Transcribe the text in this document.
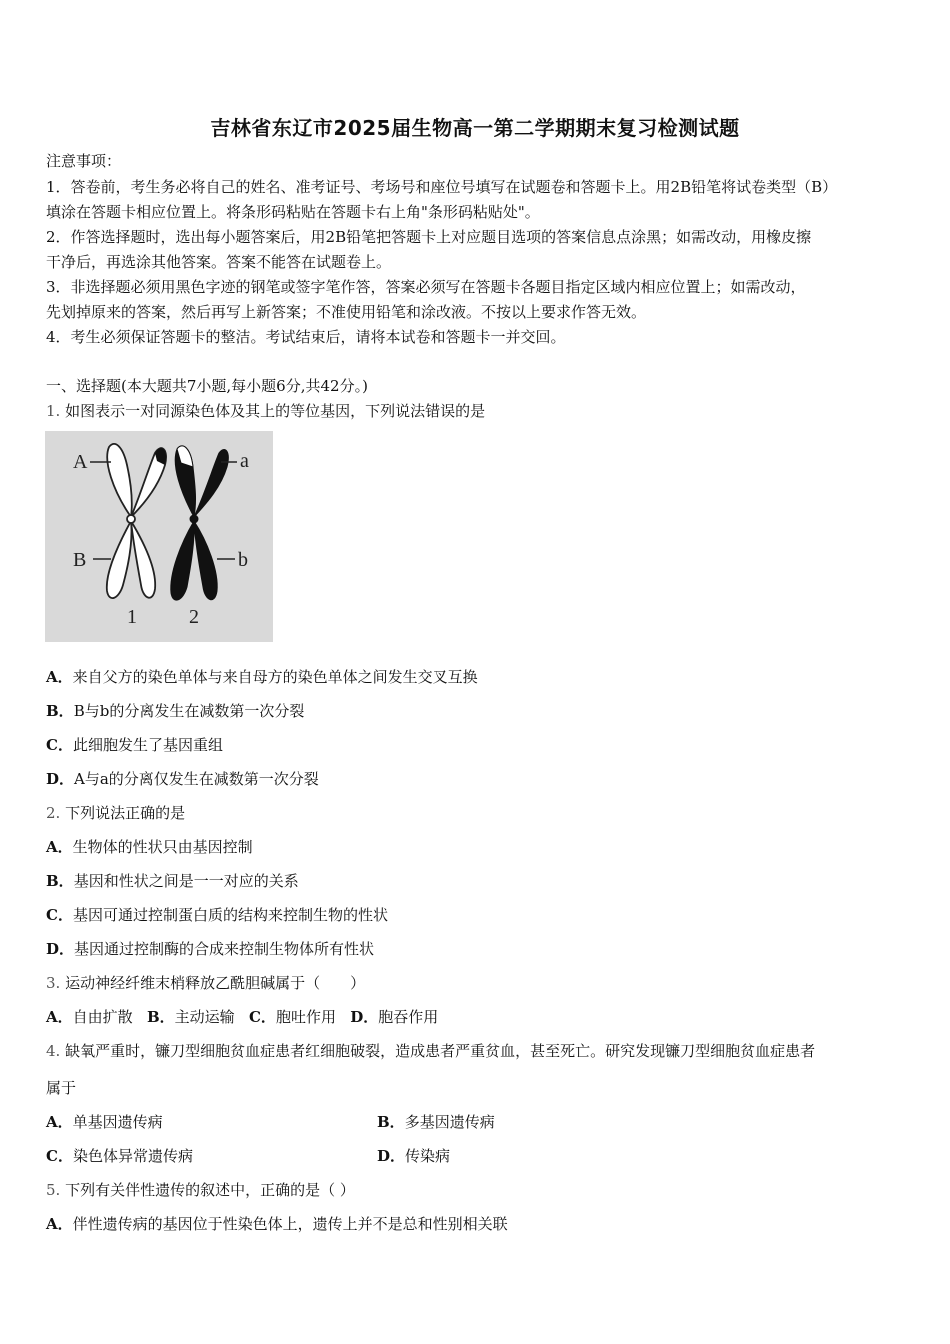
吉林省东辽市2025届生物高一第二学期期末复习检测试题
注意事项：
1．答卷前，考生务必将自己的姓名、准考证号、考场号和座位号填写在试题卷和答题卡上。用2B铅笔将试卷类型（B）
填涂在答题卡相应位置上。将条形码粘贴在答题卡右上角"条形码粘贴处"。
2．作答选择题时，选出每小题答案后，用2B铅笔把答题卡上对应题目选项的答案信息点涂黑；如需改动，用橡皮擦
干净后，再选涂其他答案。答案不能答在试题卷上。
3．非选择题必须用黑色字迹的钢笔或签字笔作答，答案必须写在答题卡各题目指定区域内相应位置上；如需改动，
先划掉原来的答案，然后再写上新答案；不准使用铅笔和涂改液。不按以上要求作答无效。
4．考生必须保证答题卡的整洁。考试结束后，请将本试卷和答题卡一并交回。
一、选择题(本大题共7小题,每小题6分,共42分。)
1. 如图表示一对同源染色体及其上的等位基因，下列说法错误的是
A	a
B	b
1	2
A．来自父方的染色单体与来自母方的染色单体之间发生交叉互换
B．B与b的分离发生在减数第一次分裂
C．此细胞发生了基因重组
D．A与a的分离仅发生在减数第一次分裂
2. 下列说法正确的是
A．生物体的性状只由基因控制
B．基因和性状之间是一一对应的关系
C．基因可通过控制蛋白质的结构来控制生物的性状
D．基因通过控制酶的合成来控制生物体所有性状
3. 运动神经纤维末梢释放乙酰胆碱属于（　　）
A．自由扩散 B．主动运输 C．胞吐作用 D．胞吞作用
4. 缺氧严重时，镰刀型细胞贫血症患者红细胞破裂，造成患者严重贫血，甚至死亡。研究发现镰刀型细胞贫血症患者
属于
A．单基因遗传病	B．多基因遗传病
C．染色体异常遗传病	D．传染病
5. 下列有关伴性遗传的叙述中，正确的是（ ）
A．伴性遗传病的基因位于性染色体上，遗传上并不是总和性别相关联
